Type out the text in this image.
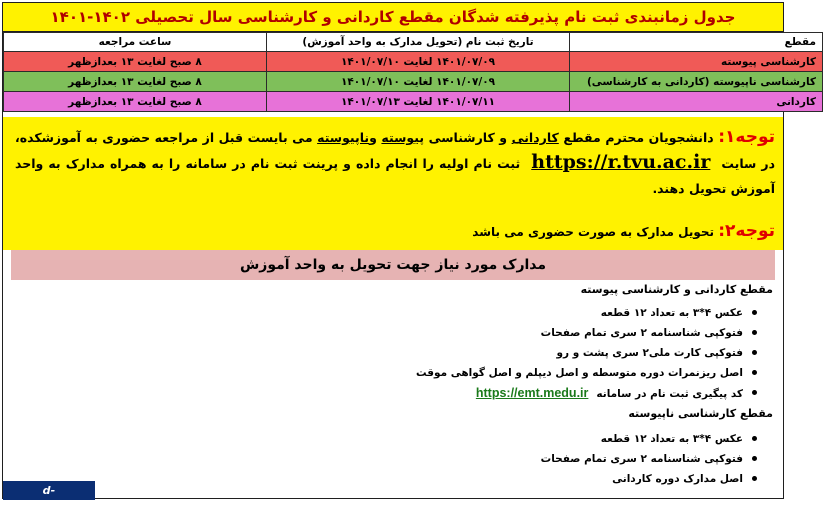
جدول زمانبندی ثبت نام پذیرفته شدگان مقطع کاردانی و کارشناسی سال تحصیلی ۱۴۰۲-۱۴۰۱
مقطع	تاریخ ثبت نام (تحویل مدارک به واحد آموزش)	ساعت مراجعه
کارشناسی پیوسته	۱۴۰۱/۰۷/۰۹ لغایت ۱۴۰۱/۰۷/۱۰	۸ صبح لغایت ۱۳ بعدازظهر
کارشناسی ناپیوسته (کاردانی به کارشناسی)	۱۴۰۱/۰۷/۰۹ لغایت ۱۴۰۱/۰۷/۱۰	۸ صبح لغایت ۱۳ بعدازظهر
کاردانی	۱۴۰۱/۰۷/۱۱ لغایت ۱۴۰۱/۰۷/۱۳	۸ صبح لغایت ۱۳ بعدازظهر
توجه۱: دانشجویان محترم مقطع کاردانی و کارشناسی پیوسته وناپیوسته می بایست قبل از مراجعه حضوری به آموزشکده، در سایت https://r.tvu.ac.ir ثبت نام اولیه را انجام داده و پرینت ثبت نام در سامانه را به همراه مدارک به واحد آموزش تحویل دهند.
توجه۲: تحویل مدارک به صورت حضوری می باشد
مدارک مورد نیاز جهت تحویل به واحد آموزش
مقطع کاردانی و کارشناسی پیوسته
عکس ۴*۳ به تعداد ۱۲ قطعه
فتوکپی شناسنامه ۲ سری تمام صفحات
فتوکپی کارت ملی۲ سری پشت و رو
اصل ریزنمرات دوره متوسطه و اصل دیپلم و اصل گواهی موقت
کد پیگیری ثبت نام در سامانهhttps://emt.medu.ir
مقطع کارشناسی ناپیوسته
عکس ۴*۳ به تعداد ۱۲ قطعه
فتوکپی شناسنامه ۲ سری تمام صفحات
اصل مدارک دوره کاردانی
d-sari.nus.ac.ir
